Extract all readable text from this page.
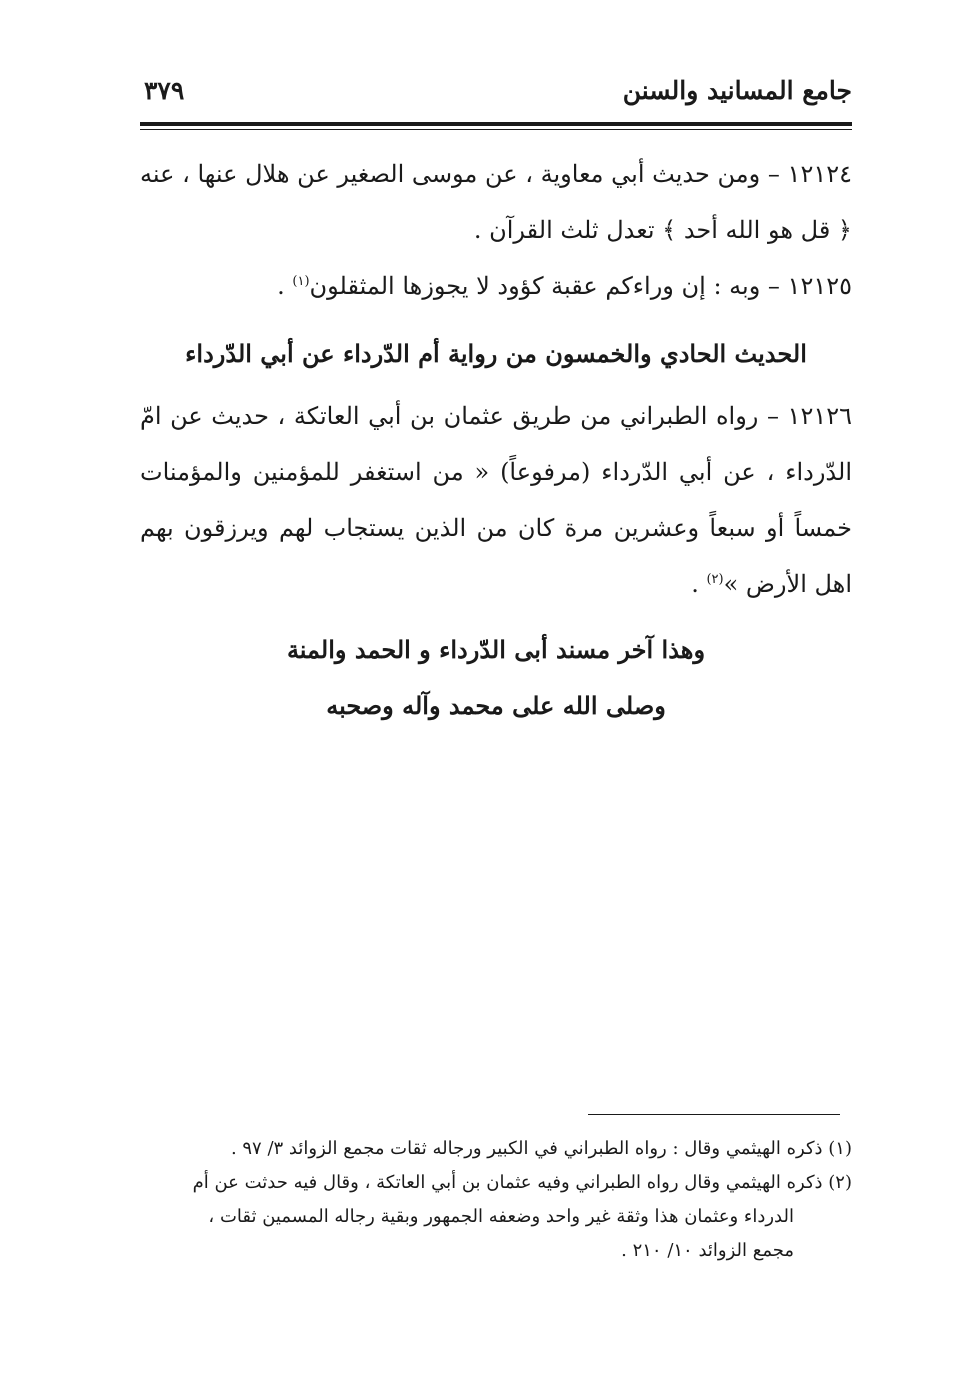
جامع المسانيد والسنن
٣٧٩

١٢١٢٤ – ومن حديث أبي معاوية ، عن موسى الصغير عن هلال عنها ، عنه ﴿ قل هو الله أحد ﴾ تعدل ثلث القرآن .

١٢١٢٥ – وبه : إن وراءكم عقبة كؤود لا يجوزها المثقلون$^{(١)}$ .

الحديث الحادي والخمسون من رواية أم الدّرداء عن أبي الدّرداء

١٢١٢٦ – رواه الطبراني من طريق عثمان بن أبي العاتكة ، حديث عن امّ الدّرداء ، عن أبي الدّرداء (مرفوعاً) « من استغفر للمؤمنين والمؤمنات خمساً أو سبعاً وعشرين مرة كان من الذين يستجاب لهم ويرزقون بهم اهل الأرض »$^{(٢)}$ .

وهذا آخر مسند أبى الدّرداء و الحمد والمنة
وصلى الله على محمد وآله وصحبه

(١) ذكره الهيثمي وقال : رواه الطبراني في الكبير ورجاله ثقات مجمع الزوائد ٣/ ٩٧ .

(٢) ذكره الهيثمي وقال رواه الطبراني وفيه عثمان بن أبي العاتكة ، وقال فيه حدثت عن أم

الدرداء وعثمان هذا وثقة غير واحد وضعفه الجمهور وبقية رجاله المسمين ثقات ،

مجمع الزوائد ١٠/ ٢١٠ .
